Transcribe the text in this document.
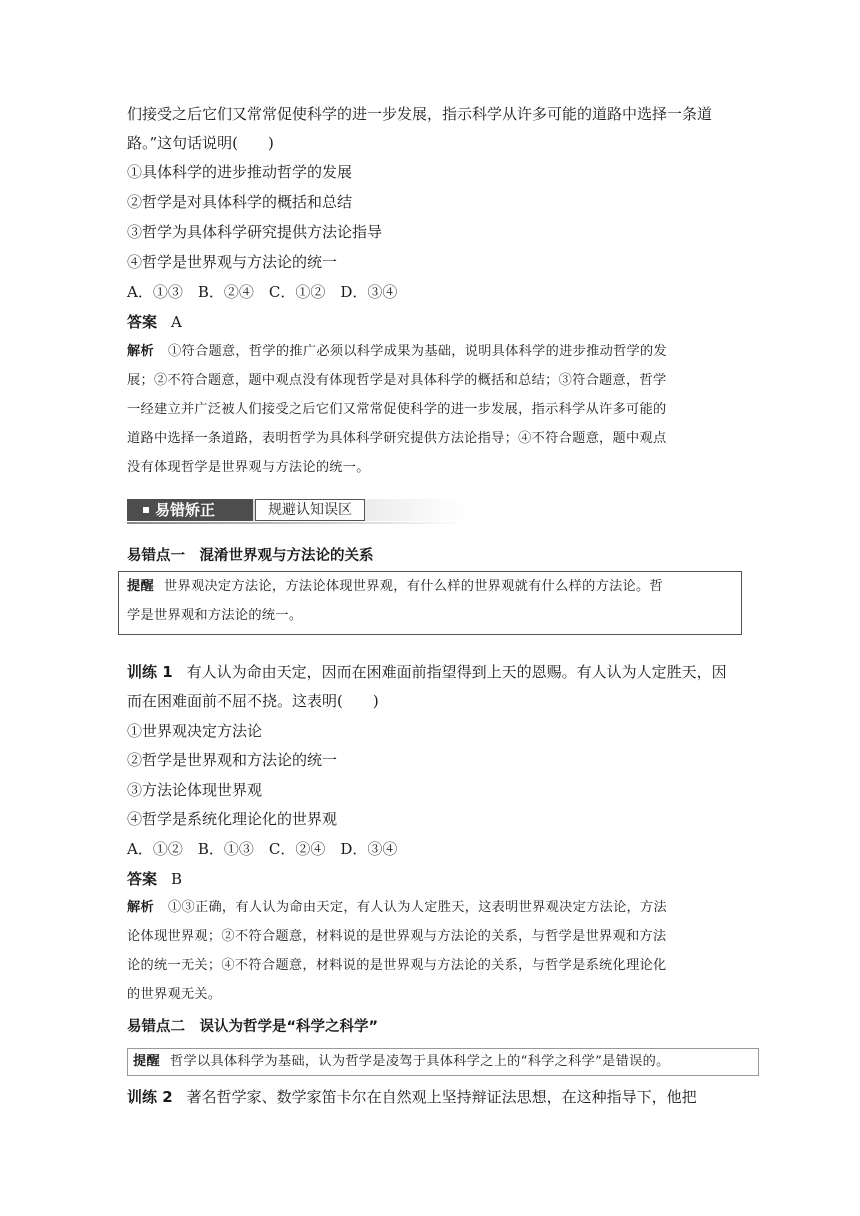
们接受之后它们又常常促使科学的进一步发展，指示科学从许多可能的道路中选择一条道
路。”这句话说明(　　)
①具体科学的进步推动哲学的发展
②哲学是对具体科学的概括和总结
③哲学为具体科学研究提供方法论指导
④哲学是世界观与方法论的统一
A．①③　B．②④　C．①②　D．③④
答案 A
解析 ①符合题意，哲学的推广必须以科学成果为基础，说明具体科学的进步推动哲学的发
展；②不符合题意，题中观点没有体现哲学是对具体科学的概括和总结；③符合题意，哲学
一经建立并广泛被人们接受之后它们又常常促使科学的进一步发展，指示科学从许多可能的
道路中选择一条道路，表明哲学为具体科学研究提供方法论指导；④不符合题意，题中观点
没有体现哲学是世界观与方法论的统一。
易错矫正	规避认知误区
易错点一　混淆世界观与方法论的关系
提醒 世界观决定方法论，方法论体现世界观，有什么样的世界观就有什么样的方法论。哲
学是世界观和方法论的统一。
训练 1 有人认为命由天定，因而在困难面前指望得到上天的恩赐。有人认为人定胜天，因
而在困难面前不屈不挠。这表明(　　)
①世界观决定方法论
②哲学是世界观和方法论的统一
③方法论体现世界观
④哲学是系统化理论化的世界观
A．①②　B．①③　C．②④　D．③④
答案 B
解析 ①③正确，有人认为命由天定，有人认为人定胜天，这表明世界观决定方法论，方法
论体现世界观；②不符合题意，材料说的是世界观与方法论的关系，与哲学是世界观和方法
论的统一无关；④不符合题意，材料说的是世界观与方法论的关系，与哲学是系统化理论化
的世界观无关。
易错点二　误认为哲学是“科学之科学”
提醒 哲学以具体科学为基础，认为哲学是凌驾于具体科学之上的“科学之科学”是错误的。
训练 2 著名哲学家、数学家笛卡尔在自然观上坚持辩证法思想，在这种指导下，他把
